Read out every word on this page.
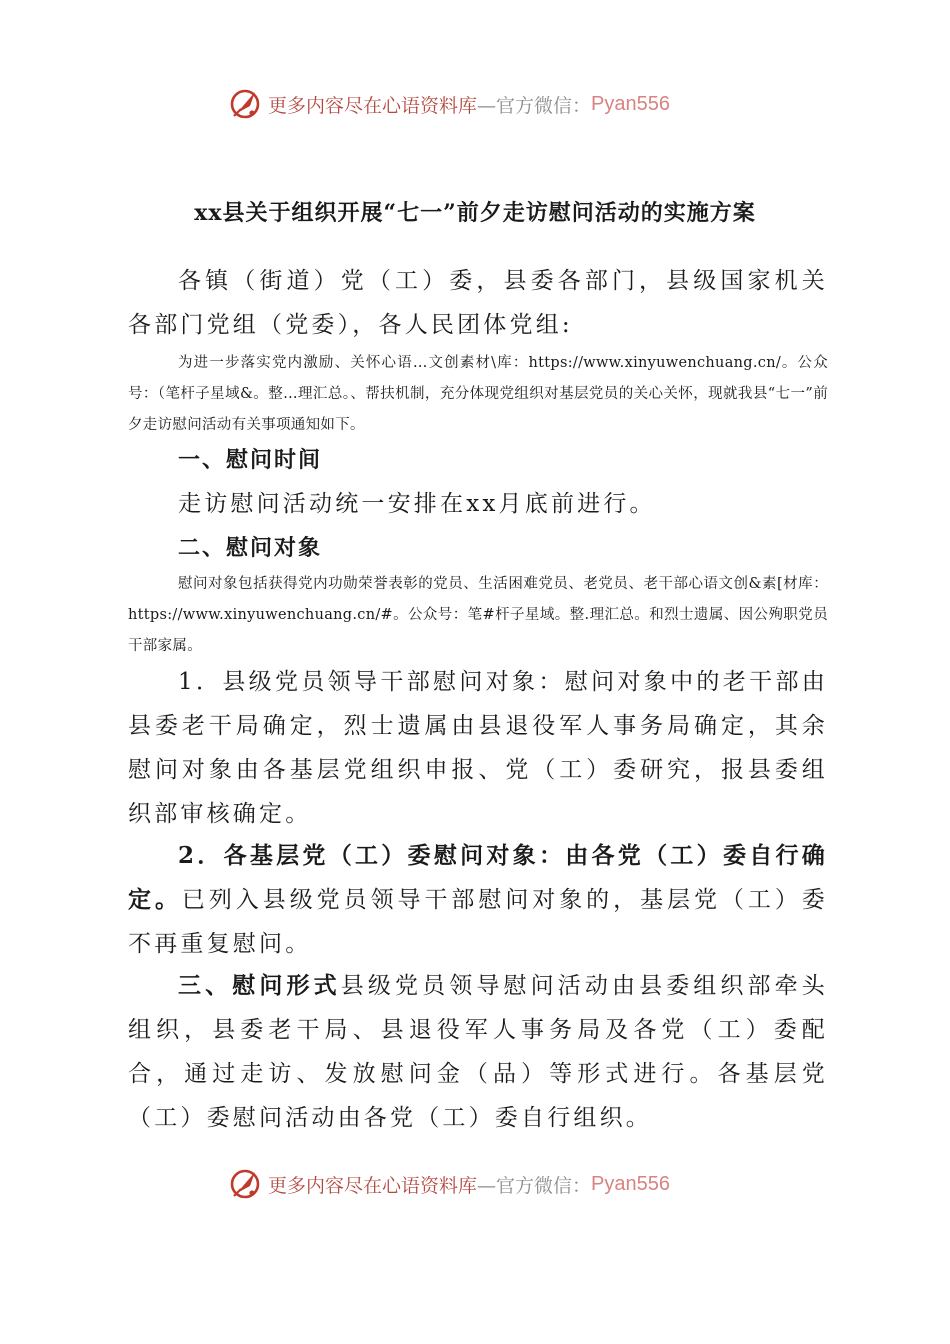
更多内容尽在心语资料库 —官方微信： Pyan556
xx县关于组织开展“七一”前夕走访慰问活动的实施方案

各镇（街道）党（工）委，县委各部门，县级国家机关各部门党组（党委），各人民团体党组:

为进一步落实党内激励、关怀心语…文创素材\库：https://www.xinyuwenchuang.cn/。公众号：（笔杆子星域&。整…理汇总。、帮扶机制，充分体现党组织对基层党员的关心关怀，现就我县“七一”前夕走访慰问活动有关事项通知如下。

一、慰问时间

走访慰问活动统一安排在xx月底前进行。

二、慰问对象

慰问对象包括获得党内功勋荣誉表彰的党员、生活困难党员、老党员、老干部心语文创&素[材库：https://www.xinyuwenchuang.cn/#。公众号：笔#杆子星域。整.理汇总。和烈士遗属、因公殉职党员干部家属。

1．县级党员领导干部慰问对象：慰问对象中的老干部由县委老干局确定，烈士遗属由县退役军人事务局确定，其余慰问对象由各基层党组织申报、党（工）委研究，报县委组织部审核确定。

2．各基层党（工）委慰问对象：由各党（工）委自行确定。已列入县级党员领导干部慰问对象的，基层党（工）委不再重复慰问。

三、慰问形式县级党员领导慰问活动由县委组织部牵头组织，县委老干局、县退役军人事务局及各党（工）委配合，通过走访、发放慰问金（品）等形式进行。各基层党（工）委慰问活动由各党（工）委自行组织。

更多内容尽在心语资料库 —官方微信： Pyan556
